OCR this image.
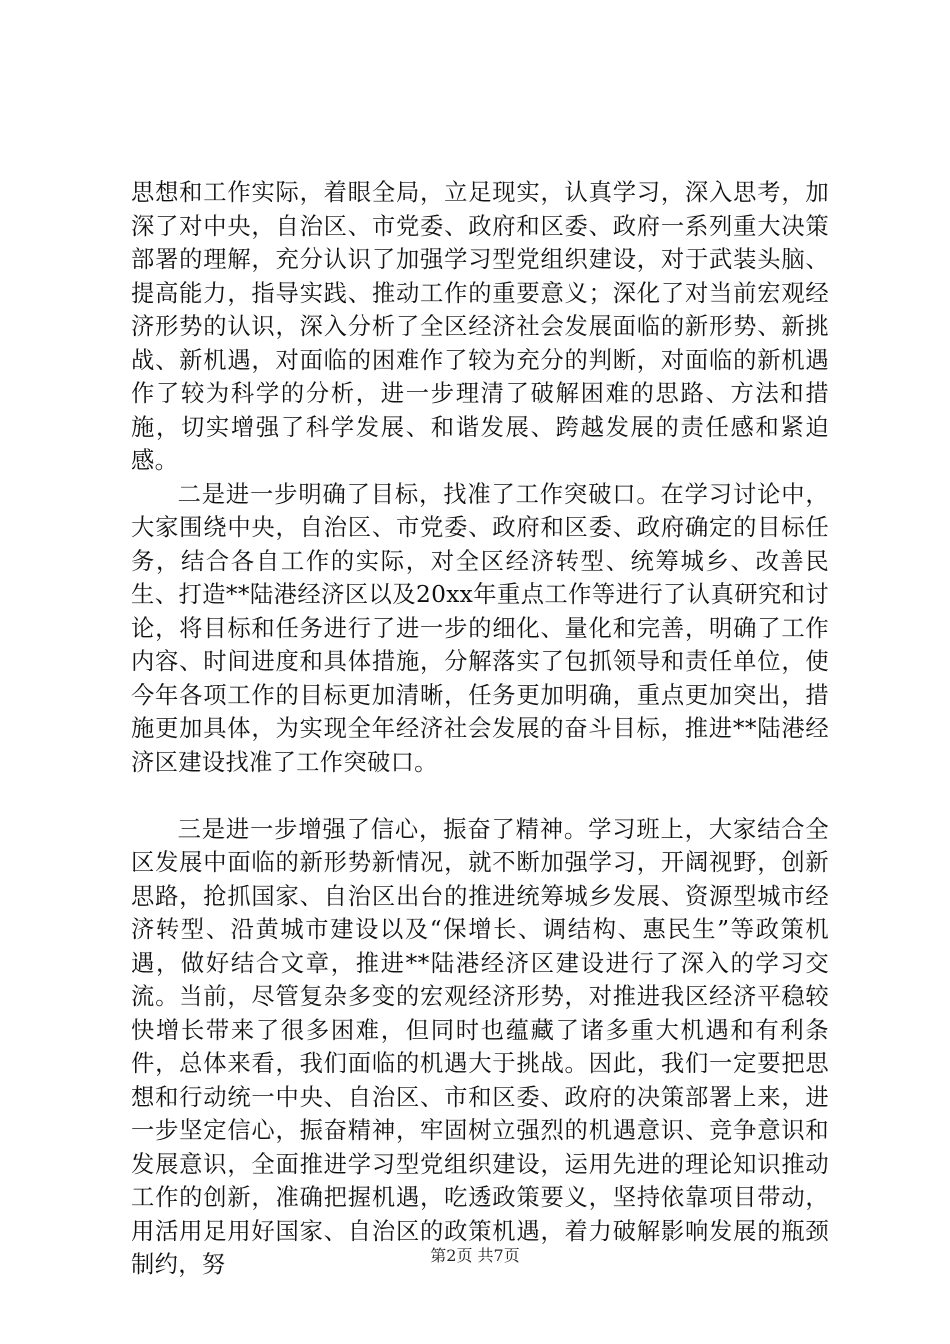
思想和工作实际，着眼全局，立足现实，认真学习，深入思考，加深了对中央，自治区、市党委、政府和区委、政府一系列重大决策部署的理解，充分认识了加强学习型党组织建设，对于武装头脑、提高能力，指导实践、推动工作的重要意义；深化了对当前宏观经济形势的认识，深入分析了全区经济社会发展面临的新形势、新挑战、新机遇，对面临的困难作了较为充分的判断，对面临的新机遇作了较为科学的分析，进一步理清了破解困难的思路、方法和措施，切实增强了科学发展、和谐发展、跨越发展的责任感和紧迫感。

二是进一步明确了目标，找准了工作突破口。在学习讨论中，大家围绕中央，自治区、市党委、政府和区委、政府确定的目标任务，结合各自工作的实际，对全区经济转型、统筹城乡、改善民生、打造**陆港经济区以及20xx年重点工作等进行了认真研究和讨论，将目标和任务进行了进一步的细化、量化和完善，明确了工作内容、时间进度和具体措施，分解落实了包抓领导和责任单位，使今年各项工作的目标更加清晰，任务更加明确，重点更加突出，措施更加具体，为实现全年经济社会发展的奋斗目标，推进**陆港经济区建设找准了工作突破口。

三是进一步增强了信心，振奋了精神。学习班上，大家结合全区发展中面临的新形势新情况，就不断加强学习，开阔视野，创新思路，抢抓国家、自治区出台的推进统筹城乡发展、资源型城市经济转型、沿黄城市建设以及“保增长、调结构、惠民生”等政策机遇，做好结合文章，推进**陆港经济区建设进行了深入的学习交流。当前，尽管复杂多变的宏观经济形势，对推进我区经济平稳较快增长带来了很多困难，但同时也蕴藏了诸多重大机遇和有利条件，总体来看，我们面临的机遇大于挑战。因此，我们一定要把思想和行动统一中央、自治区、市和区委、政府的决策部署上来，进一步坚定信心，振奋精神，牢固树立强烈的机遇意识、竞争意识和发展意识，全面推进学习型党组织建设，运用先进的理论知识推动工作的创新，准确把握机遇，吃透政策要义，坚持依靠项目带动，用活用足用好国家、自治区的政策机遇，着力破解影响发展的瓶颈制约，努	第2页 共7页
